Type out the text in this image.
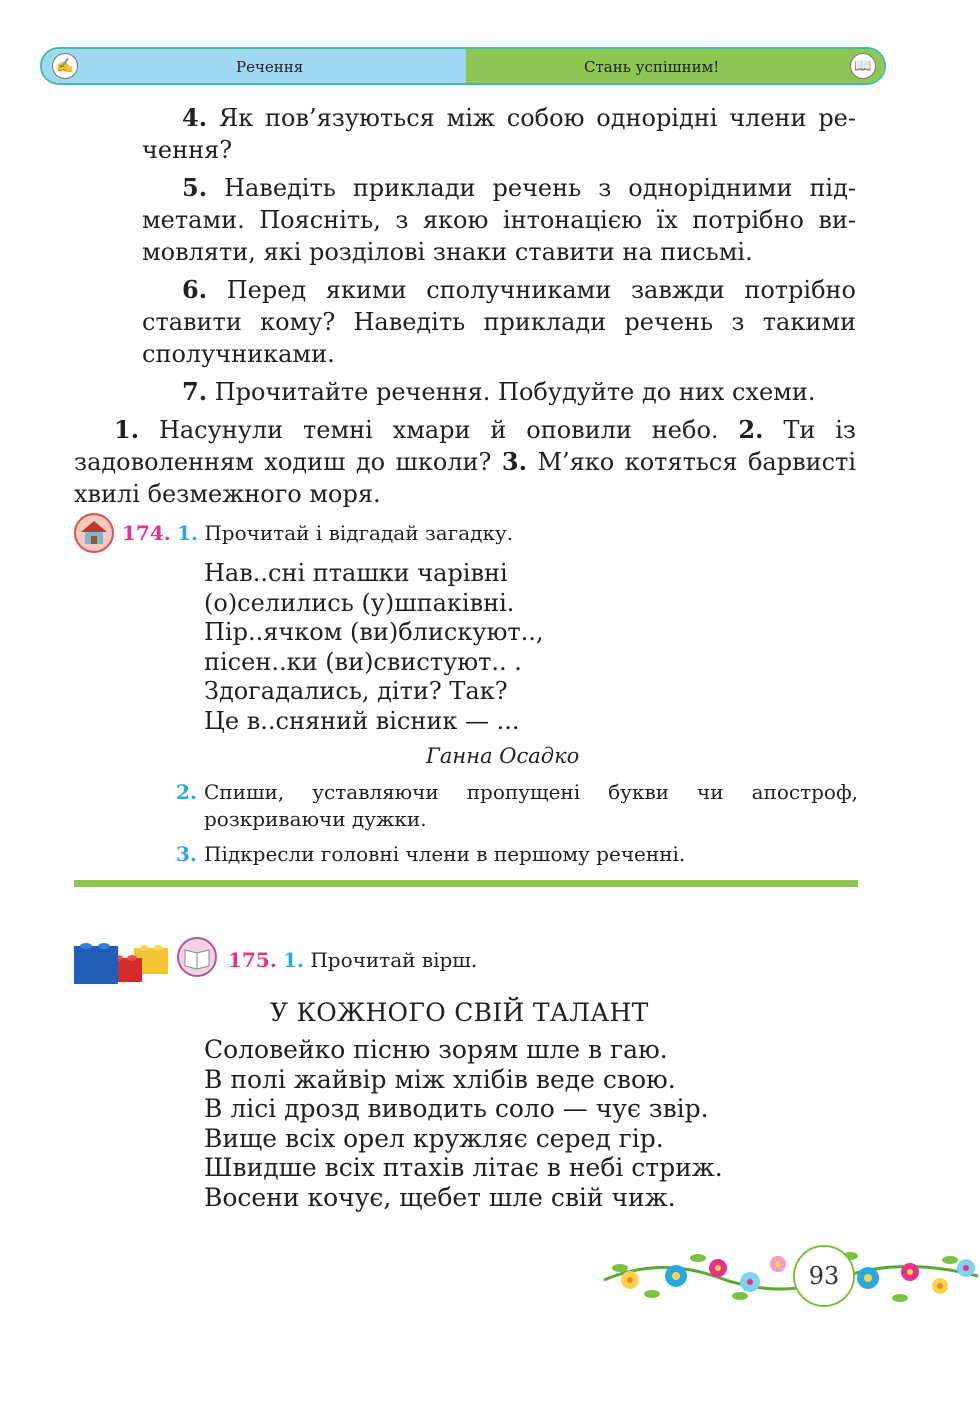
✍	Речення	Стань успішним!	📖
4. Як пов’язуються між собою однорідні члени ре-чення?
5. Наведіть приклади речень з однорідними під-метами. Поясніть, з якою інтонацією їх потрібно ви-мовляти, які розділові знаки ставити на письмі.
6. Перед якими сполучниками завжди потрібно ставити кому? Наведіть приклади речень з такими сполучниками.
7. Прочитайте речення. Побудуйте до них схеми.
1. Насунули темні хмари й оповили небо. 2. Ти із задоволенням ходиш до школи? 3. М’яко котяться барвисті хвилі безмежного моря.
174. 1. Прочитай і відгадай загадку.
Нав..сні пташки чарівні
(о)селились (у)шпаківні.
Пір..ячком (ви)блискуют..,
пісен..ки (ви)свистуют.. .
Здогадались, діти? Так?
Це в..сняний вісник — ...
Ганна Осадко
2. Спиши, уставляючи пропущені букви чи апостроф, розкриваючи дужки.
3. Підкресли головні члени в першому реченні.
175. 1. Прочитай вірш.
У КОЖНОГО СВІЙ ТАЛАНТ
Соловейко пісню зорям шле в гаю.
В полі жайвір між хлібів веде свою.
В лісі дрозд виводить соло — чує звір.
Вище всіх орел кружляє серед гір.
Швидше всіх птахів літає в небі стриж.
Восени кочує, щебет шле свій чиж.
93
